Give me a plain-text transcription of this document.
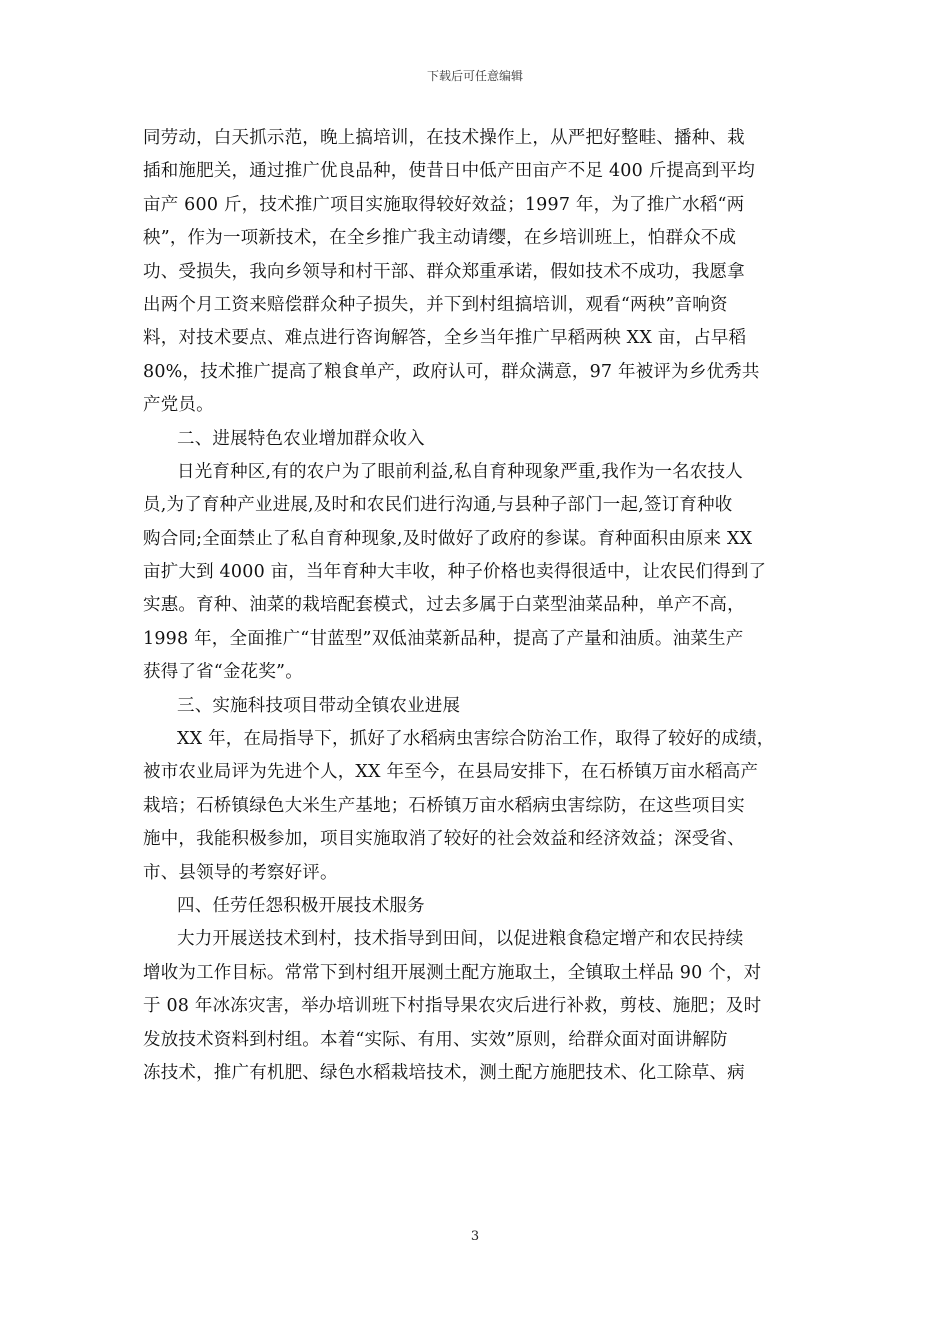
下载后可任意编辑
同劳动，白天抓示范，晚上搞培训，在技术操作上，从严把好整畦、播种、栽
插和施肥关，通过推广优良品种，使昔日中低产田亩产不足 400 斤提高到平均
亩产 600 斤，技术推广项目实施取得较好效益；1997 年，为了推广水稻“两
秧”，作为一项新技术，在全乡推广我主动请缨，在乡培训班上，怕群众不成
功、受损失，我向乡领导和村干部、群众郑重承诺，假如技术不成功，我愿拿
出两个月工资来赔偿群众种子损失，并下到村组搞培训，观看“两秧”音响资
料，对技术要点、难点进行咨询解答，全乡当年推广早稻两秧 XX 亩，占早稻
80%，技术推广提高了粮食单产，政府认可，群众满意，97 年被评为乡优秀共
产党员。
二、进展特色农业增加群众收入
日光育种区,有的农户为了眼前利益,私自育种现象严重,我作为一名农技人
员,为了育种产业进展,及时和农民们进行沟通,与县种子部门一起,签订育种收
购合同;全面禁止了私自育种现象,及时做好了政府的参谋。育种面积由原来 XX
亩扩大到 4000 亩，当年育种大丰收，种子价格也卖得很适中，让农民们得到了
实惠。育种、油菜的栽培配套模式，过去多属于白菜型油菜品种，单产不高，
1998 年，全面推广“甘蓝型”双低油菜新品种，提高了产量和油质。油菜生产
获得了省“金花奖”。
三、实施科技项目带动全镇农业进展
XX 年，在局指导下，抓好了水稻病虫害综合防治工作，取得了较好的成绩，
被市农业局评为先进个人，XX 年至今，在县局安排下，在石桥镇万亩水稻高产
栽培；石桥镇绿色大米生产基地；石桥镇万亩水稻病虫害综防，在这些项目实
施中，我能积极参加，项目实施取消了较好的社会效益和经济效益；深受省、
市、县领导的考察好评。
四、任劳任怨积极开展技术服务
大力开展送技术到村，技术指导到田间，以促进粮食稳定增产和农民持续
增收为工作目标。常常下到村组开展测土配方施取土，全镇取土样品 90 个，对
于 08 年冰冻灾害，举办培训班下村指导果农灾后进行补救，剪枝、施肥；及时
发放技术资料到村组。本着“实际、有用、实效”原则，给群众面对面讲解防
冻技术，推广有机肥、绿色水稻栽培技术，测土配方施肥技术、化工除草、病
3
